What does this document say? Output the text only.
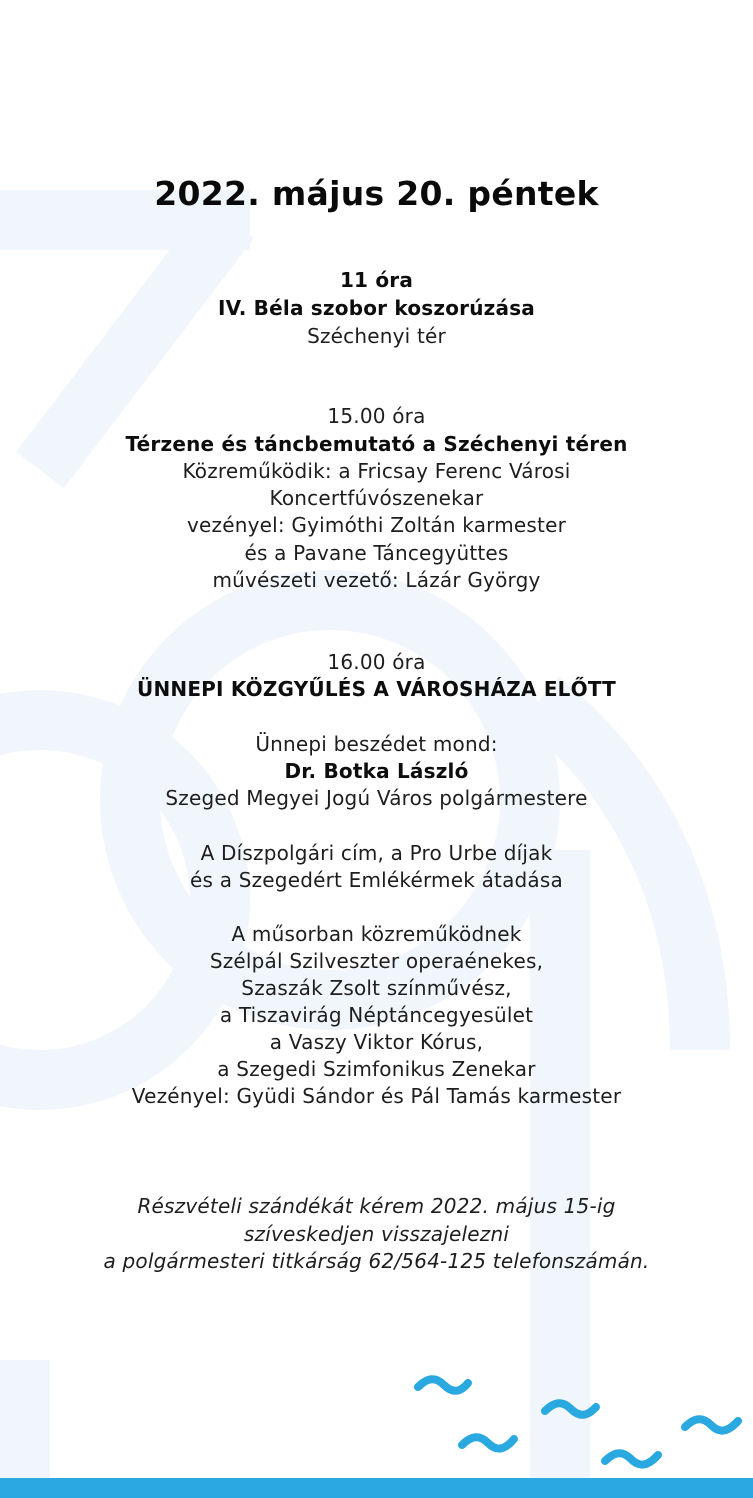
2022. május 20. péntek
11 óra
IV. Béla szobor koszorúzása
Széchenyi tér
15.00 óra
Térzene és táncbemutató a Széchenyi téren
Közreműködik: a Fricsay Ferenc Városi
Koncertfúvószenekar
vezényel: Gyimóthi Zoltán karmester
és a Pavane Táncegyüttes
művészeti vezető: Lázár György
16.00 óra
ÜNNEPI KÖZGYŰLÉS A VÁROSHÁZA ELŐTT
Ünnepi beszédet mond:
Dr. Botka László
Szeged Megyei Jogú Város polgármestere
A Díszpolgári cím, a Pro Urbe díjak
és a Szegedért Emlékérmek átadása
A műsorban közreműködnek
Szélpál Szilveszter operaénekes,
Szaszák Zsolt színművész,
a Tiszavirág Néptáncegyesület
a Vaszy Viktor Kórus,
a Szegedi Szimfonikus Zenekar
Vezényel: Gyüdi Sándor és Pál Tamás karmester
Részvételi szándékát kérem 2022. május 15-ig
szíveskedjen visszajelezni
a polgármesteri titkárság 62/564-125 telefonszámán.
